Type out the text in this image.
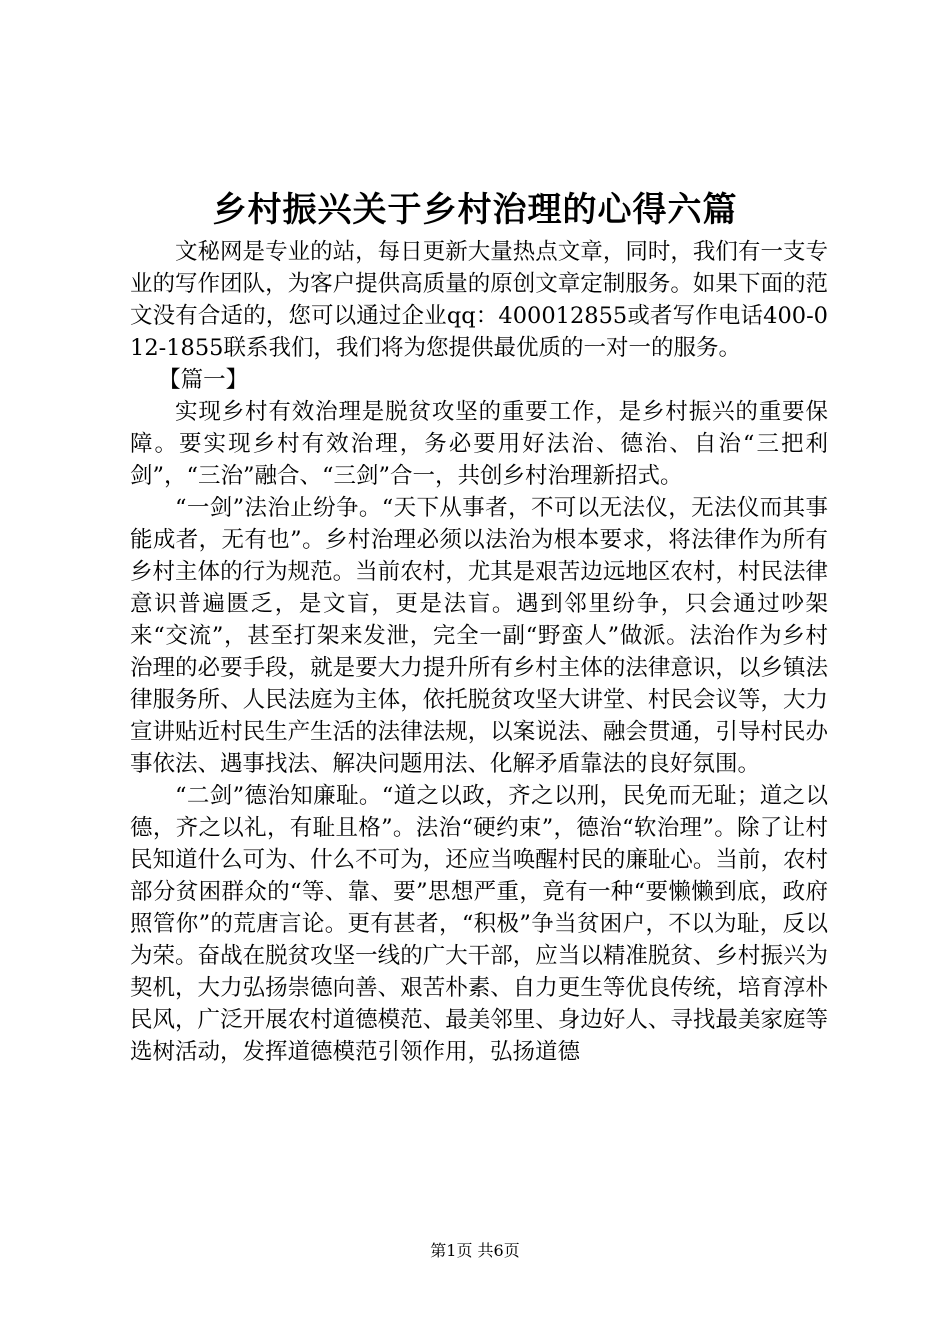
乡村振兴关于乡村治理的心得六篇

文秘网是专业的站，每日更新大量热点文章，同时，我们有一支专业的写作团队，为客户提供高质量的原创文章定制服务。如果下面的范文没有合适的，您可以通过企业qq：400012855或者写作电话400-012-1855联系我们，我们将为您提供最优质的一对一的服务。

【篇一】

实现乡村有效治理是脱贫攻坚的重要工作，是乡村振兴的重要保障。要实现乡村有效治理，务必要用好法治、德治、自治“三把利剑”，“三治”融合、“三剑”合一，共创乡村治理新招式。

“一剑”法治止纷争。“天下从事者，不可以无法仪，无法仪而其事能成者，无有也”。乡村治理必须以法治为根本要求，将法律作为所有乡村主体的行为规范。当前农村，尤其是艰苦边远地区农村，村民法律意识普遍匮乏，是文盲，更是法盲。遇到邻里纷争，只会通过吵架来“交流”，甚至打架来发泄，完全一副“野蛮人”做派。法治作为乡村治理的必要手段，就是要大力提升所有乡村主体的法律意识，以乡镇法律服务所、人民法庭为主体，依托脱贫攻坚大讲堂、村民会议等，大力宣讲贴近村民生产生活的法律法规，以案说法、融会贯通，引导村民办事依法、遇事找法、解决问题用法、化解矛盾靠法的良好氛围。

“二剑”德治知廉耻。“道之以政，齐之以刑，民免而无耻；道之以德，齐之以礼，有耻且格”。法治“硬约束”，德治“软治理”。除了让村民知道什么可为、什么不可为，还应当唤醒村民的廉耻心。当前，农村部分贫困群众的“等、靠、要”思想严重，竟有一种“要懒懒到底，政府照管你”的荒唐言论。更有甚者，“积极”争当贫困户，不以为耻，反以为荣。奋战在脱贫攻坚一线的广大干部，应当以精准脱贫、乡村振兴为契机，大力弘扬崇德向善、艰苦朴素、自力更生等优良传统，培育淳朴民风，广泛开展农村道德模范、最美邻里、身边好人、寻找最美家庭等选树活动，发挥道德模范引领作用，弘扬道德

第1页 共6页
